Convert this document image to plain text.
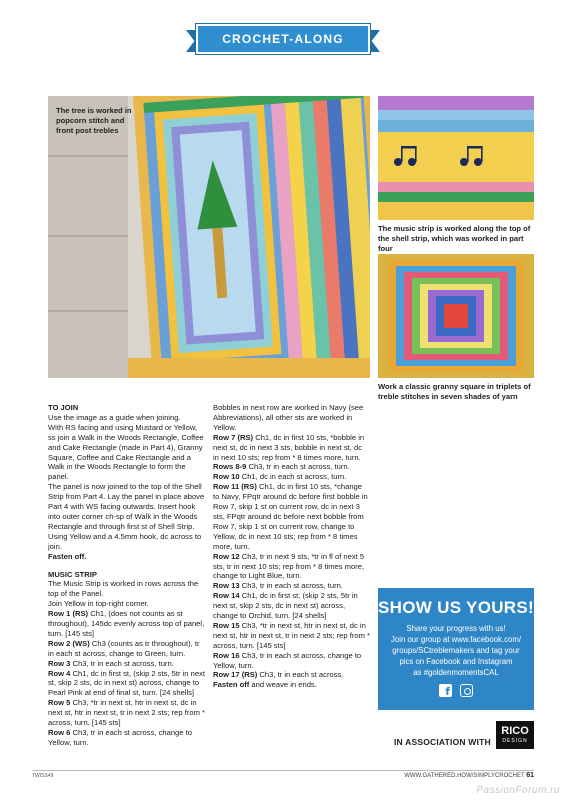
CROCHET-ALONG
The tree is worked in popcorn stitch and front post trebles
The music strip is worked along the top of the shell strip, which was worked in part four
Work a classic granny square in triplets of treble stitches in seven shades of yarn

TO JOIN

Use the image as a guide when joining.

With RS facing and using Mustard or Yellow, ss join a Walk in the Woods Rectangle, Coffee and Cake Rectangle (made in Part 4), Granny Square, Coffee and Cake Rectangle and a Walk in the Woods Rectangle to form the panel.

The panel is now joined to the top of the Shell Strip from Part 4. Lay the panel in place above Part 4 with WS facing outwards. Insert hook into outer corner ch-sp of Walk in the Woods Rectangle and through first st of Shell Strip. Using Yellow and a 4.5mm hook, dc across to join.

Fasten off.

MUSIC STRIP

The Music Strip is worked in rows across the top of the Panel.

Join Yellow in top-right corner.

Row 1 (RS) Ch1, (does not counts as st throughout), 145dc evenly across top of panel, turn. [145 sts]

Row 2 (WS) Ch3 (counts as tr throughout), tr in each st across, change to Green, turn.

Row 3 Ch3, tr in each st across, turn.

Row 4 Ch1, dc in first st, (skip 2 sts, 5tr in next st, skip 2 sts, dc in next st) across, change to Pearl Pink at end of final st, turn. [24 shells]

Row 5 Ch3, *tr in next st, htr in next st, dc in next st, htr in next st, tr in next 2 sts; rep from * across, turn. [145 sts]

Row 6 Ch3, tr in each st across, change to Yellow, turn.

Bobbles in next row are worked in Navy (see Abbreviations), all other sts are worked in Yellow.

Row 7 (RS) Ch1, dc in first 10 sts, *bobble in next st, dc in next 3 sts, bobble in next st, dc in next 10 sts; rep from * 8 times more, turn.

Rows 8-9 Ch3, tr in each st across, turn.

Row 10 Ch1, dc in each st across, turn.

Row 11 (RS) Ch1, dc in first 10 sts, *change to Navy, FPqtr around dc before first bobble in Row 7, skip 1 st on current row, dc in next 3 sts, FPqtr around dc before next bobble from Row 7, skip 1 st on current row, change to Yellow, dc in next 10 sts; rep from * 8 times more, turn.

Row 12 Ch3, tr in next 9 sts, *tr in fl of next 5 sts, tr in next 10 sts; rep from * 8 times more, change to Light Blue, turn.

Row 13 Ch3, tr in each st across, turn.

Row 14 Ch1, dc in first st, (skip 2 sts, 5tr in next st, skip 2 sts, dc in next st) across, change to Orchid, turn. [24 shells]

Row 15 Ch3, *tr in next st, htr in next st, dc in next st, htr in next st, tr in next 2 sts; rep from * across, turn. [145 sts]

Row 16 Ch3, tr in each st across, change to Yellow, turn.

Row 17 (RS) Ch3, tr in each st across.

Fasten off and weave in ends.

SHOW US YOURS!
Share your progress with us!
Join our group at www.facebook.com/
groups/SCtreblemakers and tag your
pics on Facebook and Instagram
as #goldenmomentsCAL
f
IN ASSOCIATION WITH
RICO
DESIGN
TWISS49	WWW.GATHERED.HOW/SIMPLYCROCHET 61
PassionForum.ru
